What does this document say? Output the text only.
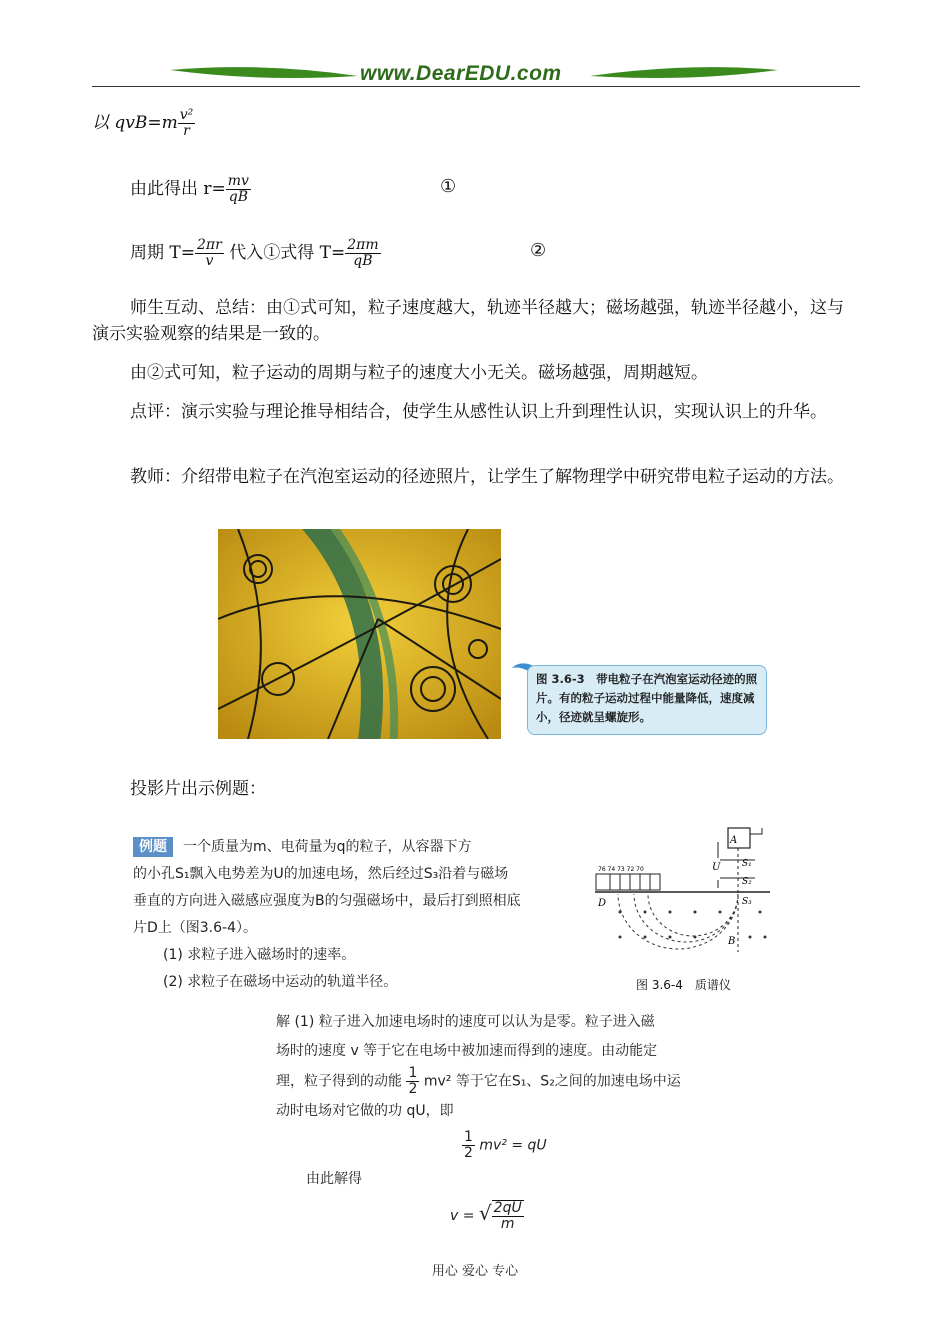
www.DearEDU.com
以 $qvB=m \frac{\text{v²}}{r}$
由此得出 $r= \frac{mv}{qB}$	①
周期 $T= \frac{2\pi r}{v}$ 代入①式得 $T= \frac{2\pi m}{qB}$	②
师生互动、总结：由①式可知，粒子速度越大，轨迹半径越大；磁场越强，轨迹半径越小，这与演示实验观察的结果是一致的。
由②式可知，粒子运动的周期与粒子的速度大小无关。磁场越强，周期越短。
点评：演示实验与理论推导相结合，使学生从感性认识上升到理性认识，实现认识上的升华。
教师：介绍带电粒子在汽泡室运动的径迹照片，让学生了解物理学中研究带电粒子运动的方法。
图 3.6-3　带电粒子在汽泡室运动径迹的照片。有的粒子运动过程中能量降低，速度减小，径迹就呈螺旋形。
投影片出示例题：
例题 一个质量为m、电荷量为q的粒子，从容器下方
的小孔S₁飘入电势差为U的加速电场，然后经过S₃沿着与磁场
垂直的方向进入磁感应强度为B的匀强磁场中，最后打到照相底
片D上（图3.6-4）。
(1) 求粒子进入磁场时的速率。
(2) 求粒子在磁场中运动的轨道半径。
A
U S₁
S₂
S₃
D
B
76 74 73 72 70
图 3.6-4　质谱仪
解 (1) 粒子进入加速电场时的速度可以认为是零。粒子进入磁
场时的速度 v 等于它在电场中被加速而得到的速度。由动能定
理，粒子得到的动能 $\frac{1}{2} mv^2$ 等于它在S₁、S₂之间的加速电场中运
动时电场对它做的功 qU，即
$\frac{1}{2} mv^2$ = qU
由此解得
v = √ $\frac{2qU}{m}$
用心 爱心 专心
